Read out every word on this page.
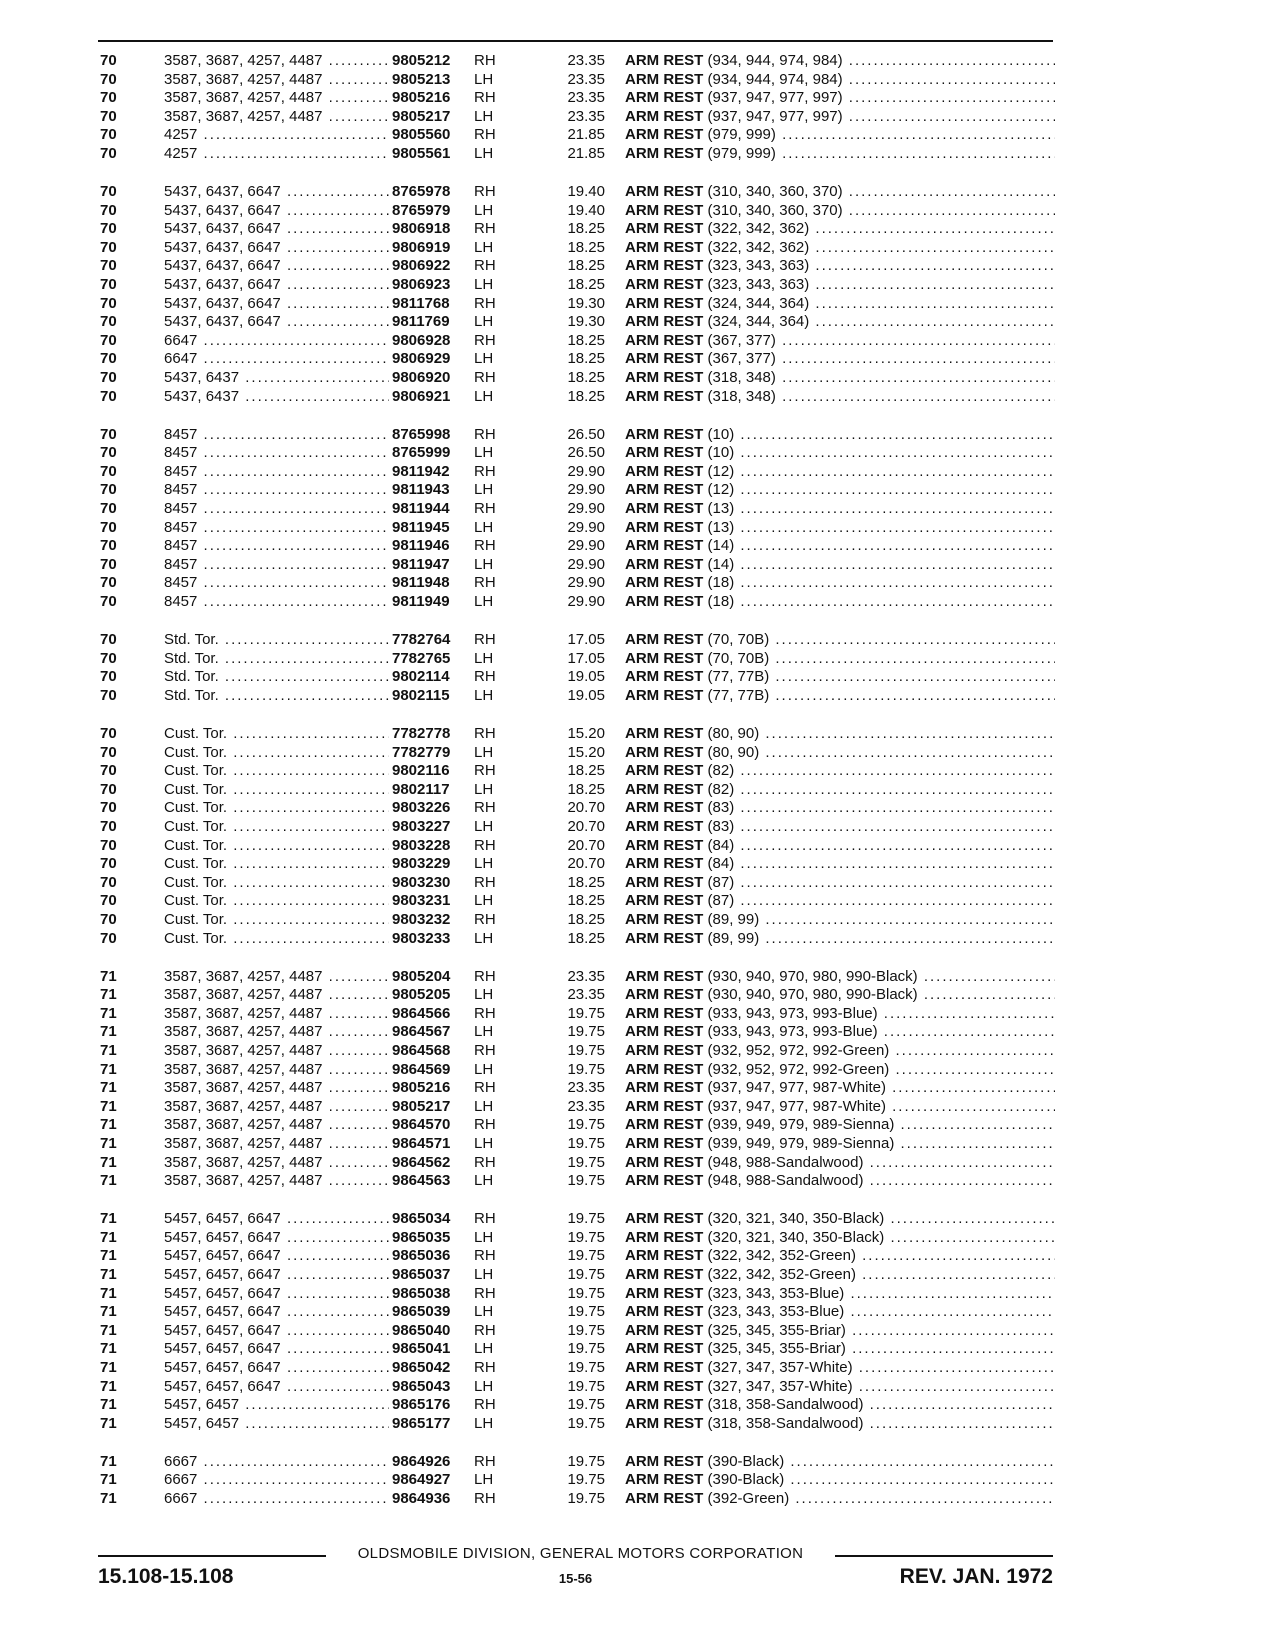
70	3587, 3687, 4257, 4487 .....	9805212 RH	23.35 ARM REST (934, 944, 974, 984) .....
70	3587, 3687, 4257, 4487 .....	9805213 LH	23.35 ARM REST (934, 944, 974, 984) .....
70	3587, 3687, 4257, 4487 .....	9805216 RH	23.35 ARM REST (937, 947, 977, 997) .....
70	3587, 3687, 4257, 4487 .....	9805217 LH	23.35 ARM REST (937, 947, 977, 997) .....
70	4257 .....	9805560 RH	21.85 ARM REST (979, 999) .....
70	4257 .....	9805561 LH	21.85 ARM REST (979, 999) .....
70	5437, 6437, 6647 .....	8765978 RH	19.40 ARM REST (310, 340, 360, 370) .....
70	5437, 6437, 6647 .....	8765979 LH	19.40 ARM REST (310, 340, 360, 370) .....
70	5437, 6437, 6647 .....	9806918 RH	18.25 ARM REST (322, 342, 362) .....
70	5437, 6437, 6647 .....	9806919 LH	18.25 ARM REST (322, 342, 362) .....
70	5437, 6437, 6647 .....	9806922 RH	18.25 ARM REST (323, 343, 363) .....
70	5437, 6437, 6647 .....	9806923 LH	18.25 ARM REST (323, 343, 363) .....
70	5437, 6437, 6647 .....	9811768 RH	19.30 ARM REST (324, 344, 364) .....
70	5437, 6437, 6647 .....	9811769 LH	19.30 ARM REST (324, 344, 364) .....
70	6647 .....	9806928 RH	18.25 ARM REST (367, 377) .....
70	6647 .....	9806929 LH	18.25 ARM REST (367, 377) .....
70	5437, 6437 .....	9806920 RH	18.25 ARM REST (318, 348) .....
70	5437, 6437 .....	9806921 LH	18.25 ARM REST (318, 348) .....
70	8457 .....	8765998 RH	26.50 ARM REST (10) .....
70	8457 .....	8765999 LH	26.50 ARM REST (10) .....
70	8457 .....	9811942 RH	29.90 ARM REST (12) .....
70	8457 .....	9811943 LH	29.90 ARM REST (12) .....
70	8457 .....	9811944 RH	29.90 ARM REST (13) .....
70	8457 .....	9811945 LH	29.90 ARM REST (13) .....
70	8457 .....	9811946 RH	29.90 ARM REST (14) .....
70	8457 .....	9811947 LH	29.90 ARM REST (14) .....
70	8457 .....	9811948 RH	29.90 ARM REST (18) .....
70	8457 .....	9811949 LH	29.90 ARM REST (18) .....
70	Std. Tor. .....	7782764 RH	17.05 ARM REST (70, 70B) .....
70	Std. Tor. .....	7782765 LH	17.05 ARM REST (70, 70B) .....
70	Std. Tor. .....	9802114 RH	19.05 ARM REST (77, 77B) .....
70	Std. Tor. .....	9802115 LH	19.05 ARM REST (77, 77B) .....
70	Cust. Tor. .....	7782778 RH	15.20 ARM REST (80, 90) .....
70	Cust. Tor. .....	7782779 LH	15.20 ARM REST (80, 90) .....
70	Cust. Tor. .....	9802116 RH	18.25 ARM REST (82) .....
70	Cust. Tor. .....	9802117 LH	18.25 ARM REST (82) .....
70	Cust. Tor. .....	9803226 RH	20.70 ARM REST (83) .....
70	Cust. Tor. .....	9803227 LH	20.70 ARM REST (83) .....
70	Cust. Tor. .....	9803228 RH	20.70 ARM REST (84) .....
70	Cust. Tor. .....	9803229 LH	20.70 ARM REST (84) .....
70	Cust. Tor. .....	9803230 RH	18.25 ARM REST (87) .....
70	Cust. Tor. .....	9803231 LH	18.25 ARM REST (87) .....
70	Cust. Tor. .....	9803232 RH	18.25 ARM REST (89, 99) .....
70	Cust. Tor. .....	9803233 LH	18.25 ARM REST (89, 99) .....
71	3587, 3687, 4257, 4487 .....	9805204 RH	23.35 ARM REST (930, 940, 970, 980, 990-Black) .....
71	3587, 3687, 4257, 4487 .....	9805205 LH	23.35 ARM REST (930, 940, 970, 980, 990-Black) .....
71	3587, 3687, 4257, 4487 .....	9864566 RH	19.75 ARM REST (933, 943, 973, 993-Blue) .....
71	3587, 3687, 4257, 4487 .....	9864567 LH	19.75 ARM REST (933, 943, 973, 993-Blue) .....
71	3587, 3687, 4257, 4487 .....	9864568 RH	19.75 ARM REST (932, 952, 972, 992-Green) .....
71	3587, 3687, 4257, 4487 .....	9864569 LH	19.75 ARM REST (932, 952, 972, 992-Green) .....
71	3587, 3687, 4257, 4487 .....	9805216 RH	23.35 ARM REST (937, 947, 977, 987-White) .....
71	3587, 3687, 4257, 4487 .....	9805217 LH	23.35 ARM REST (937, 947, 977, 987-White) .....
71	3587, 3687, 4257, 4487 .....	9864570 RH	19.75 ARM REST (939, 949, 979, 989-Sienna) .....
71	3587, 3687, 4257, 4487 .....	9864571 LH	19.75 ARM REST (939, 949, 979, 989-Sienna) .....
71	3587, 3687, 4257, 4487 .....	9864562 RH	19.75 ARM REST (948, 988-Sandalwood) .....
71	3587, 3687, 4257, 4487 .....	9864563 LH	19.75 ARM REST (948, 988-Sandalwood) .....
71	5457, 6457, 6647 .....	9865034 RH	19.75 ARM REST (320, 321, 340, 350-Black) .....
71	5457, 6457, 6647 .....	9865035 LH	19.75 ARM REST (320, 321, 340, 350-Black) .....
71	5457, 6457, 6647 .....	9865036 RH	19.75 ARM REST (322, 342, 352-Green) .....
71	5457, 6457, 6647 .....	9865037 LH	19.75 ARM REST (322, 342, 352-Green) .....
71	5457, 6457, 6647 .....	9865038 RH	19.75 ARM REST (323, 343, 353-Blue) .....
71	5457, 6457, 6647 .....	9865039 LH	19.75 ARM REST (323, 343, 353-Blue) .....
71	5457, 6457, 6647 .....	9865040 RH	19.75 ARM REST (325, 345, 355-Briar) .....
71	5457, 6457, 6647 .....	9865041 LH	19.75 ARM REST (325, 345, 355-Briar) .....
71	5457, 6457, 6647 .....	9865042 RH	19.75 ARM REST (327, 347, 357-White) .....
71	5457, 6457, 6647 .....	9865043 LH	19.75 ARM REST (327, 347, 357-White) .....
71	5457, 6457 .....	9865176 RH	19.75 ARM REST (318, 358-Sandalwood) .....
71	5457, 6457 .....	9865177 LH	19.75 ARM REST (318, 358-Sandalwood) .....
71	6667 .....	9864926 RH	19.75 ARM REST (390-Black) .....
71	6667 .....	9864927 LH	19.75 ARM REST (390-Black) .....
71	6667 .....	9864936 RH	19.75 ARM REST (392-Green) .....
OLDSMOBILE DIVISION, GENERAL MOTORS CORPORATION
15.108-15.108	15-56	REV. JAN. 1972
